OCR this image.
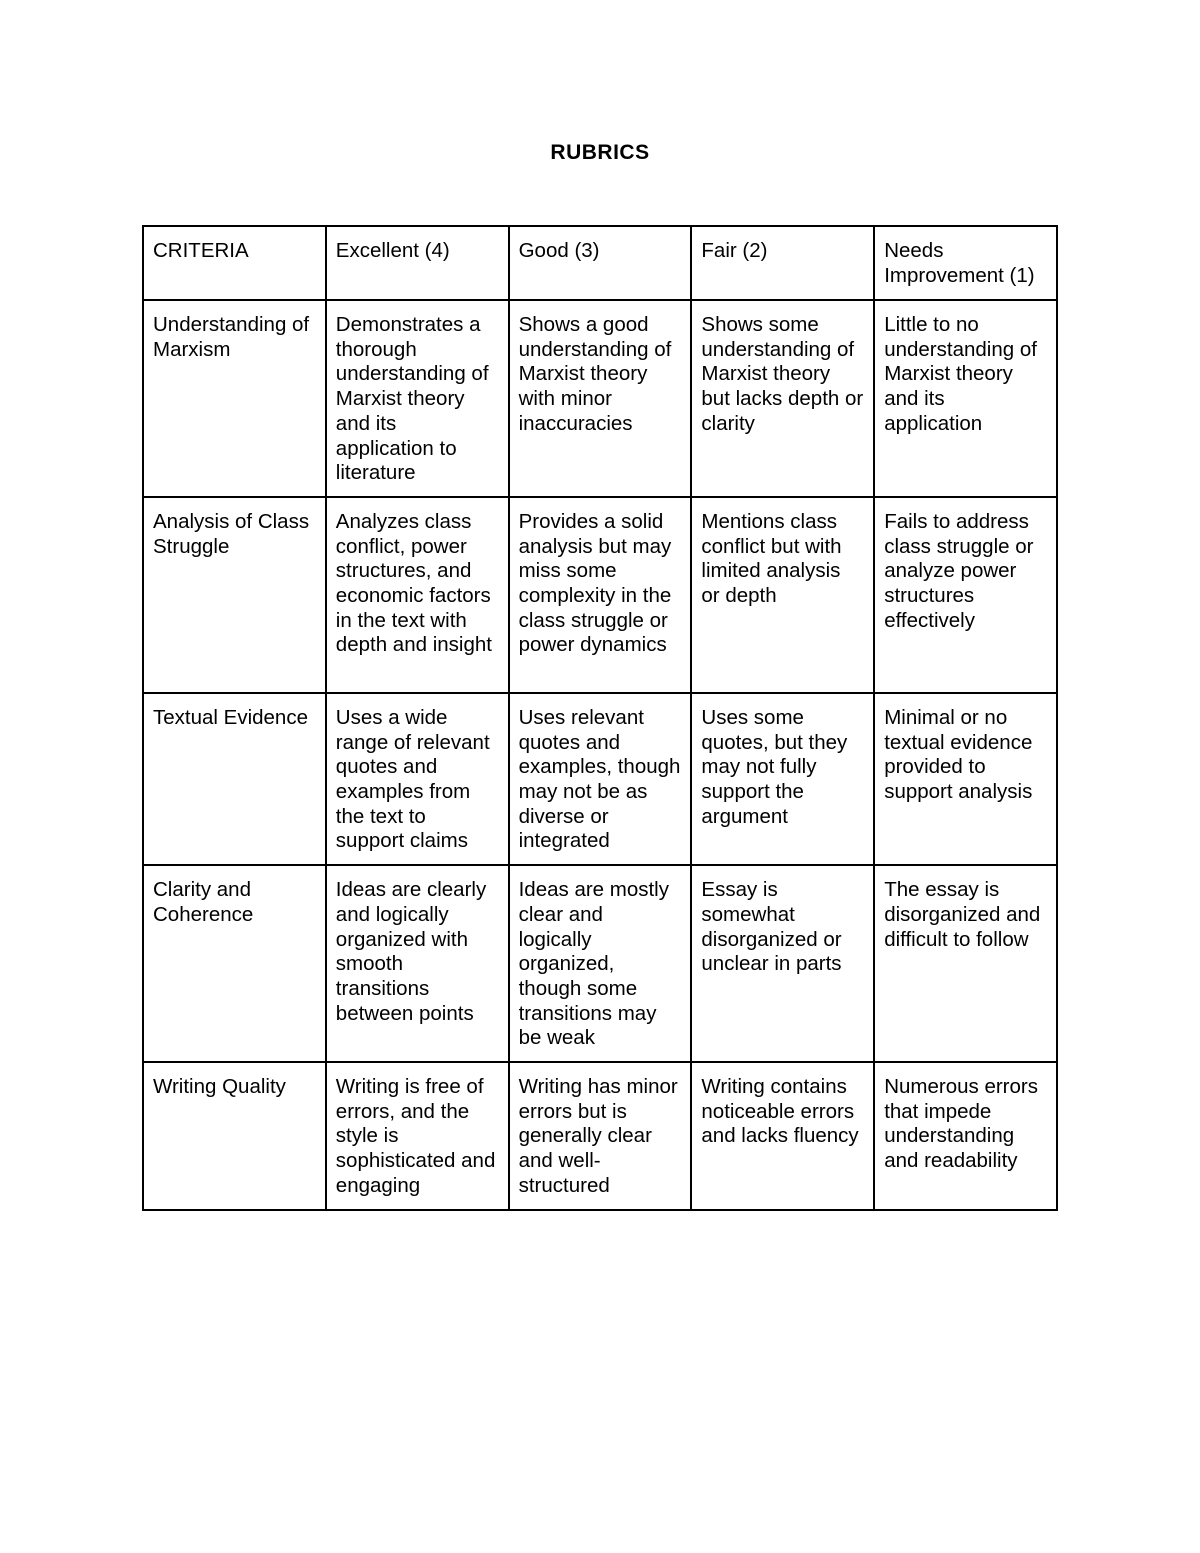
RUBRICS
CRITERIA	Excellent (4)	Good (3)	Fair (2)	Needs Improvement (1)
Understanding of Marxism	Demonstrates a thorough understanding of Marxist theory and its application to literature	Shows a good understanding of Marxist theory with minor inaccuracies	Shows some understanding of Marxist theory but lacks depth or clarity	Little to no understanding of Marxist theory and its application
Analysis of Class Struggle	Analyzes class conflict, power structures, and economic factors in the text with depth and insight	Provides a solid analysis but may miss some complexity in the class struggle or power dynamics	Mentions class conflict but with limited analysis or depth	Fails to address class struggle or analyze power structures effectively
Textual Evidence	Uses a wide range of relevant quotes and examples from the text to support claims	Uses relevant quotes and examples, though may not be as diverse or integrated	Uses some quotes, but they may not fully support the argument	Minimal or no textual evidence provided to support analysis
Clarity and Coherence	Ideas are clearly and logically organized with smooth transitions between points	Ideas are mostly clear and logically organized, though some transitions may be weak	Essay is somewhat disorganized or unclear in parts	The essay is disorganized and difficult to follow
Writing Quality	Writing is free of errors, and the style is sophisticated and engaging	Writing has minor errors but is generally clear and well-structured	Writing contains noticeable errors and lacks fluency	Numerous errors that impede understanding and readability
